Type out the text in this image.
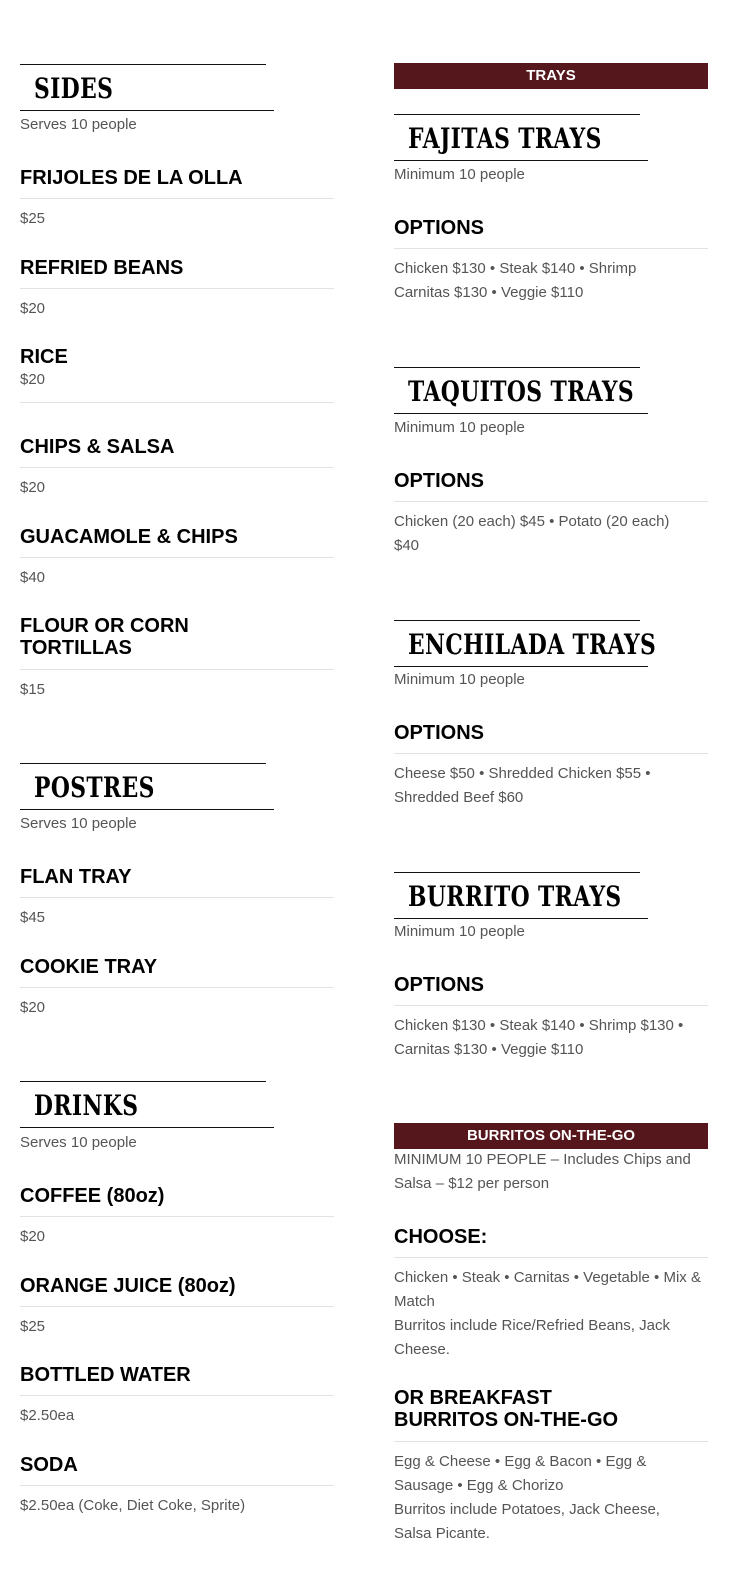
SIDES
Serves 10 people
FRIJOLES DE LA OLLA
$25
REFRIED BEANS
$20
RICE
$20
CHIPS & SALSA
$20
GUACAMOLE & CHIPS
$40
FLOUR OR CORN TORTILLAS
$15
POSTRES
Serves 10 people
FLAN TRAY
$45
COOKIE TRAY
$20
DRINKS
Serves 10 people
COFFEE (80oz)
$20
ORANGE JUICE (80oz)
$25
BOTTLED WATER
$2.50ea
SODA
$2.50ea (Coke, Diet Coke, Sprite)
TRAYS
FAJITAS TRAYS
Minimum 10 people
OPTIONS
Chicken $130 • Steak $140 • Shrimp Carnitas $130 • Veggie $110
TAQUITOS TRAYS
Minimum 10 people
OPTIONS
Chicken (20 each) $45 • Potato (20 each) $40
ENCHILADA TRAYS
Minimum 10 people
OPTIONS
Cheese $50 • Shredded Chicken $55 • Shredded Beef $60
BURRITO TRAYS
Minimum 10 people
OPTIONS
Chicken $130 • Steak $140 • Shrimp $130 • Carnitas $130 • Veggie $110
BURRITOS ON-THE-GO
MINIMUM 10 PEOPLE – Includes Chips and Salsa – $12 per person
CHOOSE:
Chicken • Steak • Carnitas • Vegetable • Mix & Match
Burritos include Rice/Refried Beans, Jack Cheese.
OR BREAKFAST BURRITOS ON-THE-GO
Egg & Cheese • Egg & Bacon • Egg & Sausage • Egg & Chorizo
Burritos include Potatoes, Jack Cheese, Salsa Picante.
